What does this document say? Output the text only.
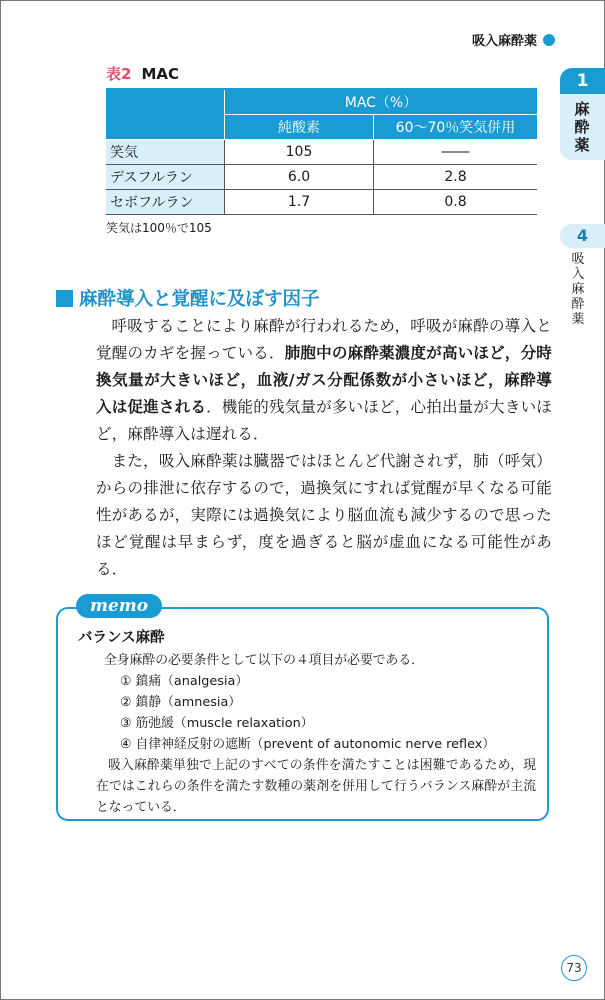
吸入麻酔薬
1
麻酔薬
4
吸入麻酔薬
表2 MAC
	MAC（%）	
	純酸素	60～70％笑気併用
笑気	105	――
デスフルラン	6.0	2.8
セボフルラン	1.7	0.8
笑気は100％で105
麻酔導入と覚醒に及ぼす因子

呼吸することにより麻酔が行われるため，呼吸が麻酔の導入と覚醒のカギを握っている．肺胞中の麻酔薬濃度が高いほど，分時換気量が大きいほど，血液/ガス分配係数が小さいほど，麻酔導入は促進される．機能的残気量が多いほど，心拍出量が大きいほど，麻酔導入は遅れる．

また，吸入麻酔薬は臓器ではほとんど代謝されず，肺（呼気）からの排泄に依存するので，過換気にすれば覚醒が早くなる可能性があるが，実際には過換気により脳血流も減少するので思ったほど覚醒は早まらず，度を過ぎると脳が虚血になる可能性がある．

memo
バランス麻酔

全身麻酔の必要条件として以下の４項目が必要である．

① 鎮痛（analgesia）
② 鎮静（amnesia）
③ 筋弛緩（muscle relaxation）
④ 自律神経反射の遮断（prevent of autonomic nerve reflex）

吸入麻酔薬単独で上記のすべての条件を満たすことは困難であるため，現在ではこれらの条件を満たす数種の薬剤を併用して行うバランス麻酔が主流となっている．

73
